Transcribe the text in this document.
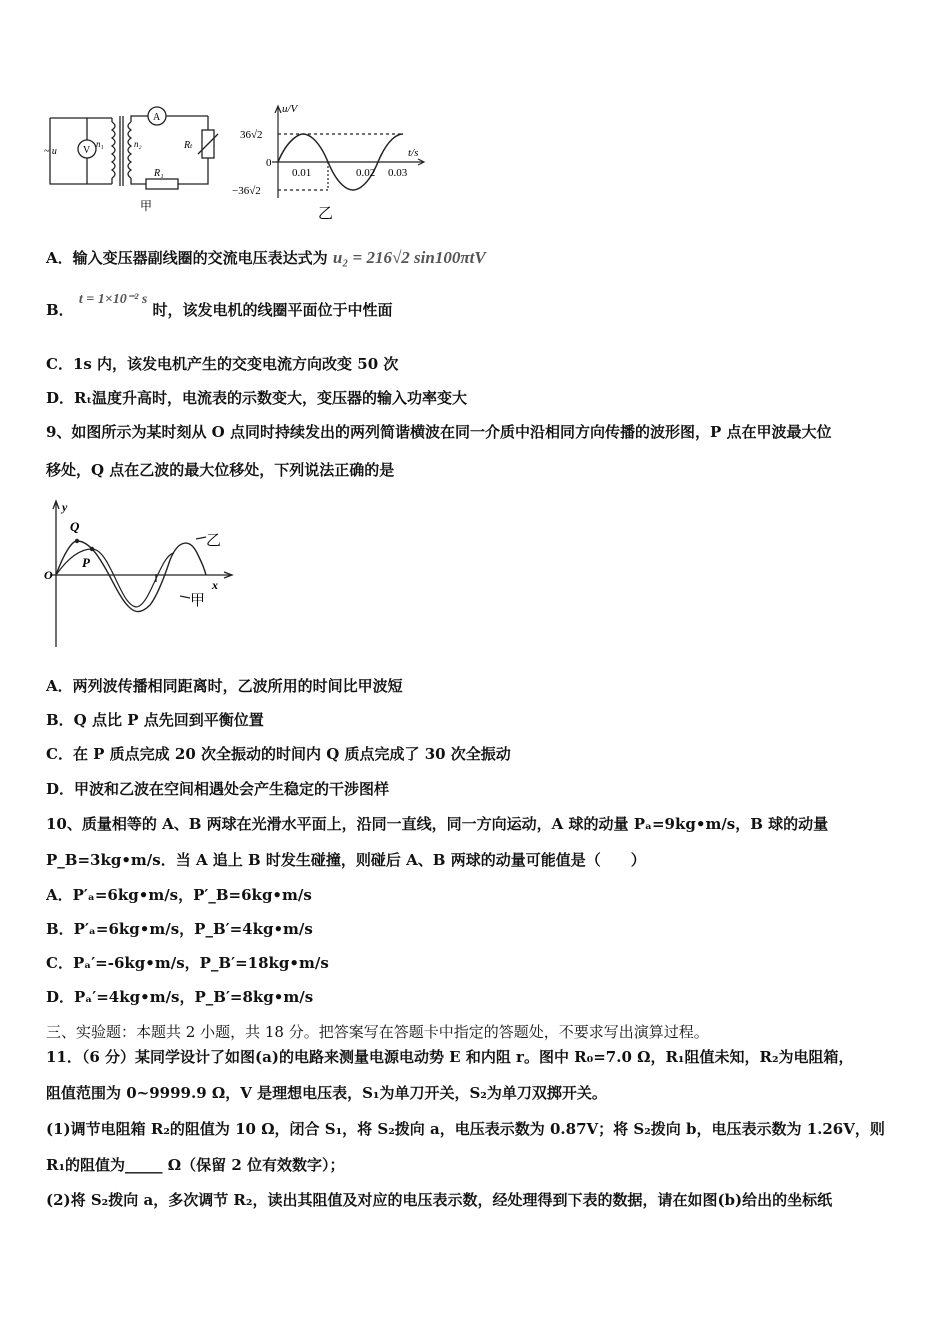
~ u	V
A
n₁	n₂	Rₜ
R₁
甲
u/V
t/s
36√2
0
−36√2
0.01	0.02 0.03
乙
A．输入变压器副线圈的交流电压表达式为 u₂ = 216√2 sin100πtV
B． t = 1×10⁻² s 时，该发电机的线圈平面位于中性面
C．1s 内，该发电机产生的交变电流方向改变 50 次
D．Rₜ温度升高时，电流表的示数变大，变压器的输入功率变大
9、如图所示为某时刻从 O 点同时持续发出的两列简谐横波在同一介质中沿相同方向传播的波形图，P 点在甲波最大位
移处，Q 点在乙波的最大位移处，下列说法正确的是
y
x
O
Q
P
乙
甲
A．两列波传播相同距离时，乙波所用的时间比甲波短
B．Q 点比 P 点先回到平衡位置
C．在 P 质点完成 20 次全振动的时间内 Q 质点完成了 30 次全振动
D．甲波和乙波在空间相遇处会产生稳定的干涉图样
10、质量相等的 A、B 两球在光滑水平面上，沿同一直线，同一方向运动，A 球的动量 Pₐ=9kg•m/s，B 球的动量
P_B=3kg•m/s．当 A 追上 B 时发生碰撞，则碰后 A、B 两球的动量可能值是（　　）
A．P′ₐ=6kg•m/s，P′_B=6kg•m/s
B．P′ₐ=6kg•m/s，P_B′=4kg•m/s
C．Pₐ′=-6kg•m/s，P_B′=18kg•m/s
D．Pₐ′=4kg•m/s，P_B′=8kg•m/s
三、实验题：本题共 2 小题，共 18 分。把答案写在答题卡中指定的答题处，不要求写出演算过程。
11．（6 分）某同学设计了如图(a)的电路来测量电源电动势 E 和内阻 r。图中 R₀=7.0 Ω，R₁阻值未知，R₂为电阻箱，
阻值范围为 0~9999.9 Ω，V 是理想电压表，S₁为单刀开关，S₂为单刀双掷开关。
(1)调节电阻箱 R₂的阻值为 10 Ω，闭合 S₁，将 S₂拨向 a，电压表示数为 0.87V；将 S₂拨向 b，电压表示数为 1.26V，则
R₁的阻值为_____ Ω（保留 2 位有效数字）；
(2)将 S₂拨向 a，多次调节 R₂，读出其阻值及对应的电压表示数，经处理得到下表的数据，请在如图(b)给出的坐标纸
